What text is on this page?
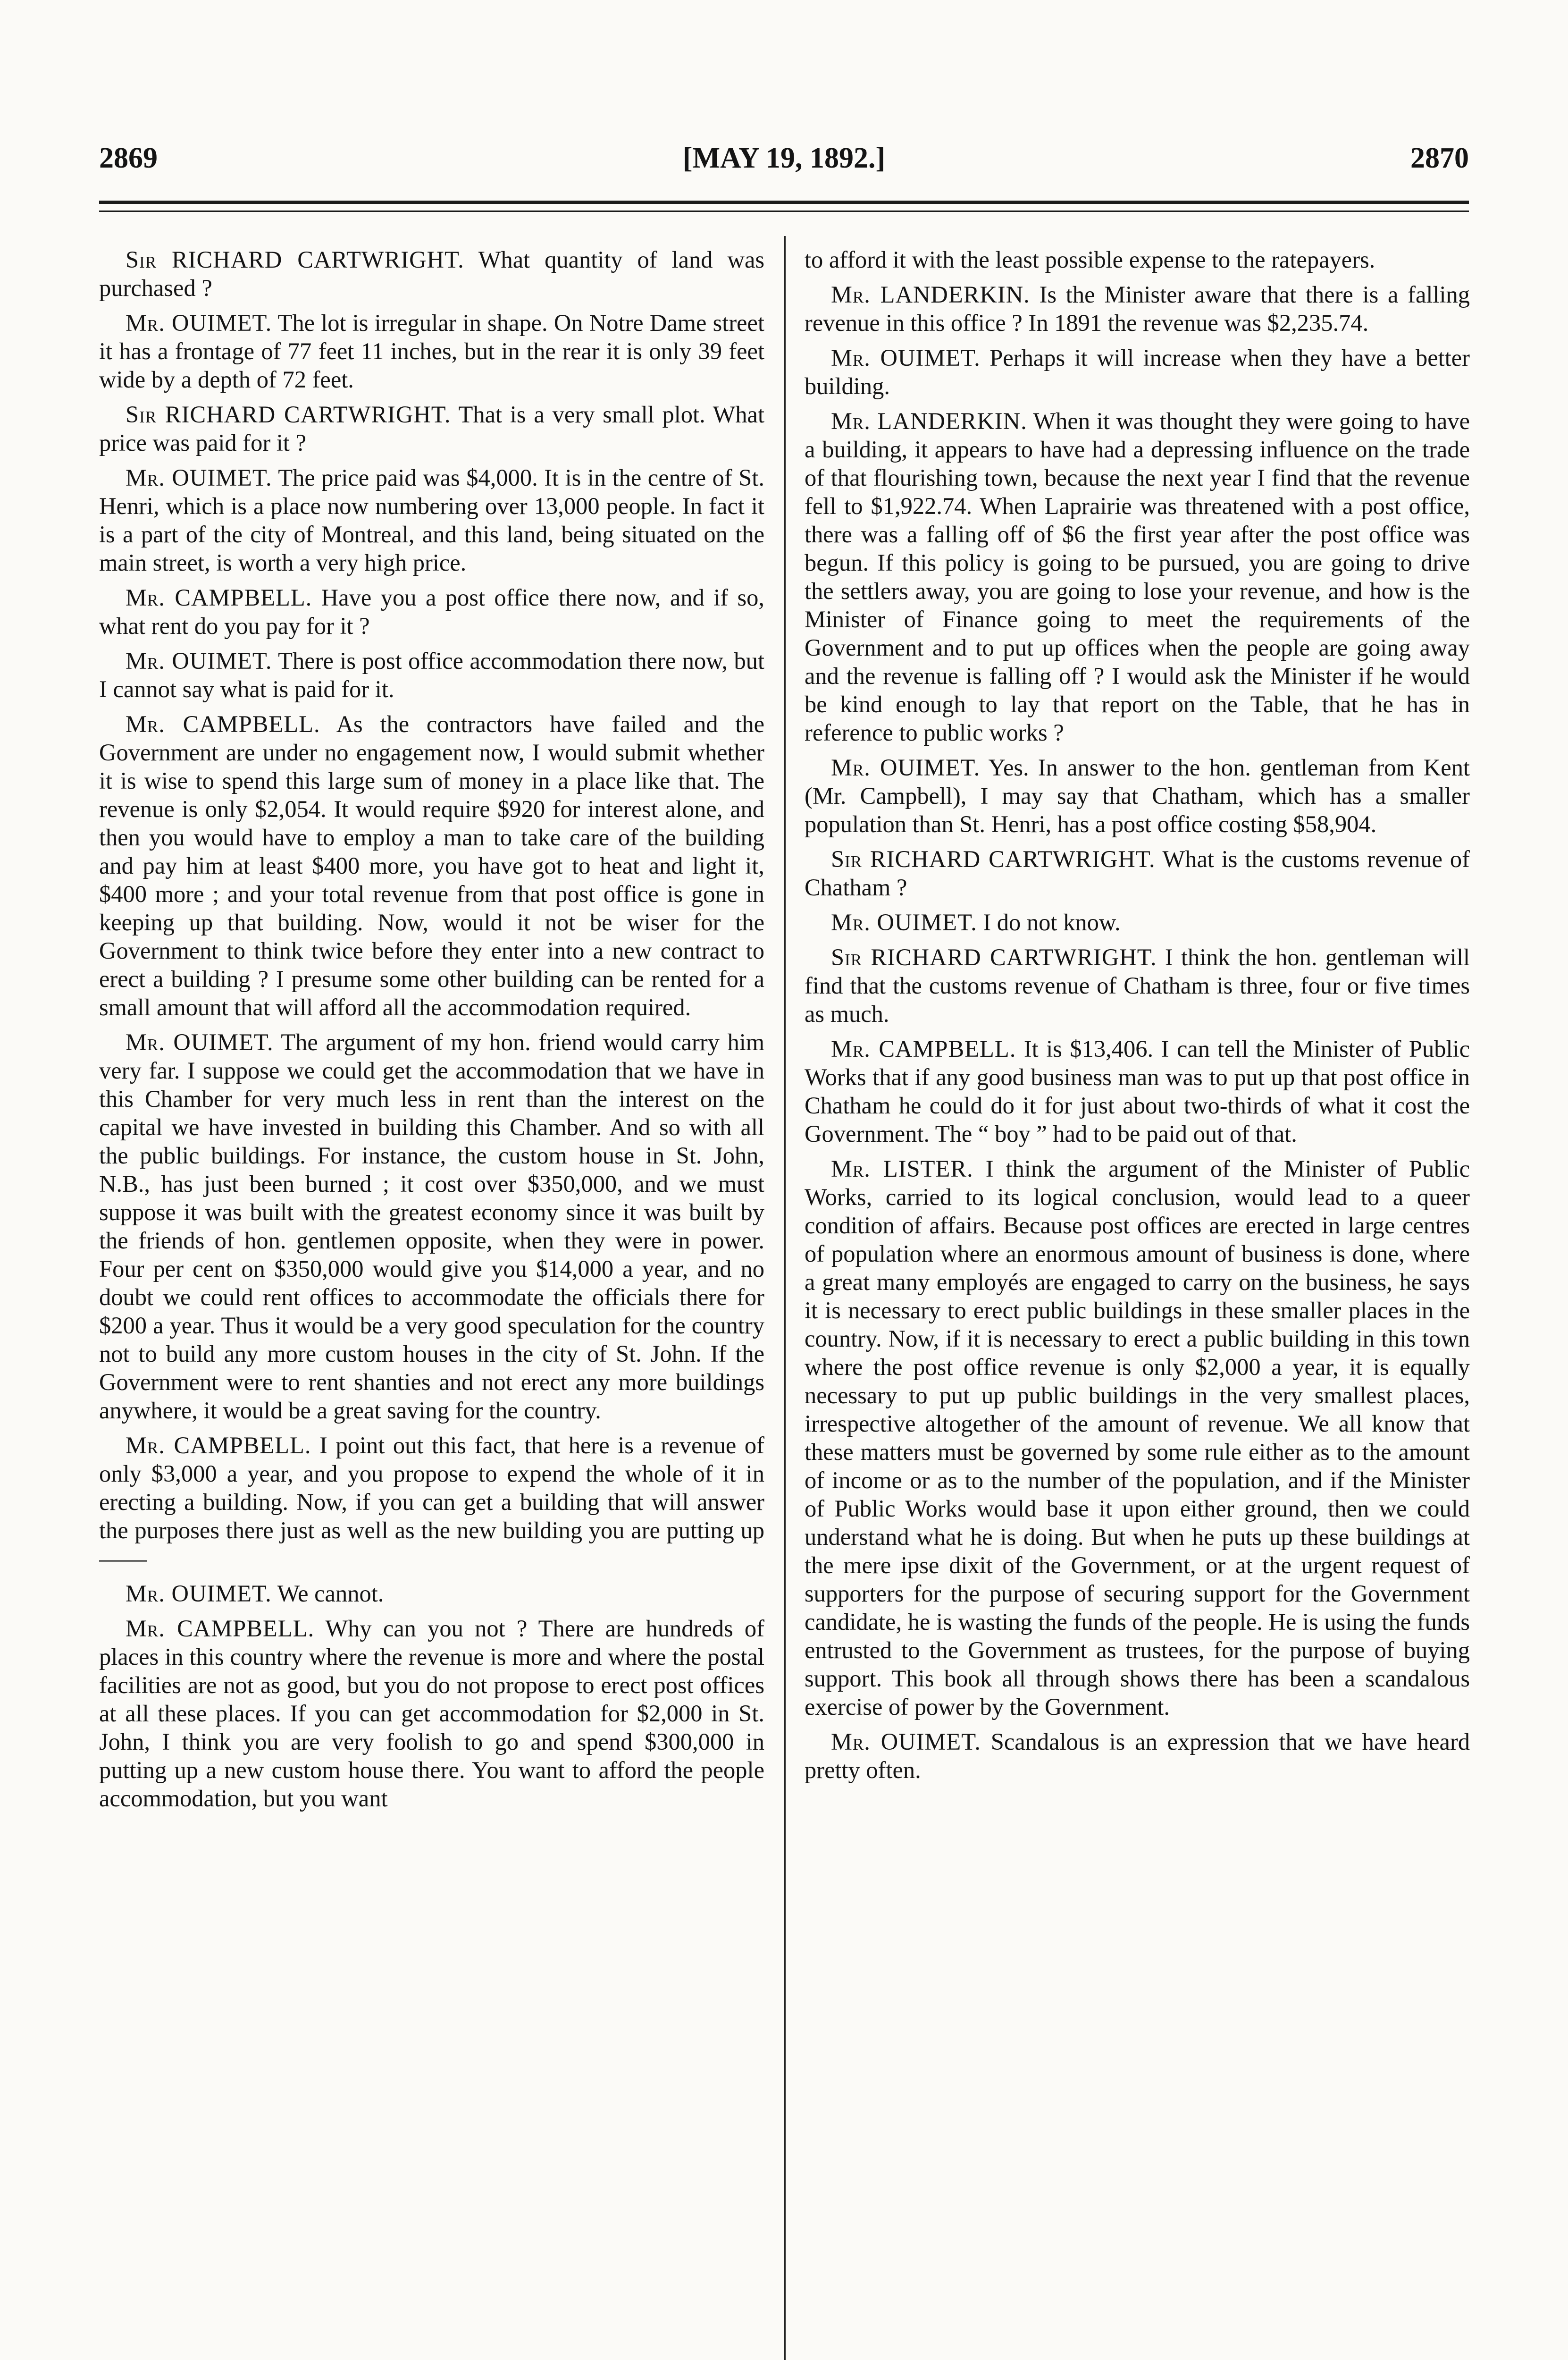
2869	[MAY 19, 1892.]	2870

Sir RICHARD CARTWRIGHT. What quantity of land was purchased ?

Mr. OUIMET. The lot is irregular in shape. On Notre Dame street it has a frontage of 77 feet 11 inches, but in the rear it is only 39 feet wide by a depth of 72 feet.

Sir RICHARD CARTWRIGHT. That is a very small plot. What price was paid for it ?

Mr. OUIMET. The price paid was $4,000. It is in the centre of St. Henri, which is a place now numbering over 13,000 people. In fact it is a part of the city of Montreal, and this land, being situated on the main street, is worth a very high price.

Mr. CAMPBELL. Have you a post office there now, and if so, what rent do you pay for it ?

Mr. OUIMET. There is post office accommodation there now, but I cannot say what is paid for it.

Mr. CAMPBELL. As the contractors have failed and the Government are under no engagement now, I would submit whether it is wise to spend this large sum of money in a place like that. The revenue is only $2,054. It would require $920 for interest alone, and then you would have to employ a man to take care of the building and pay him at least $400 more, you have got to heat and light it, $400 more ; and your total revenue from that post office is gone in keeping up that building. Now, would it not be wiser for the Government to think twice before they enter into a new contract to erect a building ? I presume some other building can be rented for a small amount that will afford all the accommodation required.

Mr. OUIMET. The argument of my hon. friend would carry him very far. I suppose we could get the accommodation that we have in this Chamber for very much less in rent than the interest on the capital we have invested in building this Chamber. And so with all the public buildings. For instance, the custom house in St. John, N.B., has just been burned ; it cost over $350,000, and we must suppose it was built with the greatest economy since it was built by the friends of hon. gentlemen opposite, when they were in power. Four per cent on $350,000 would give you $14,000 a year, and no doubt we could rent offices to accommodate the officials there for $200 a year. Thus it would be a very good speculation for the country not to build any more custom houses in the city of St. John. If the Government were to rent shanties and not erect any more buildings anywhere, it would be a great saving for the country.

Mr. CAMPBELL. I point out this fact, that here is a revenue of only $3,000 a year, and you propose to expend the whole of it in erecting a building. Now, if you can get a building that will answer the purposes there just as well as the new building you are putting up——

Mr. OUIMET. We cannot.

Mr. CAMPBELL. Why can you not ? There are hundreds of places in this country where the revenue is more and where the postal facilities are not as good, but you do not propose to erect post offices at all these places. If you can get accommodation for $2,000 in St. John, I think you are very foolish to go and spend $300,000 in putting up a new custom house there. You want to afford the people accommodation, but you want

to afford it with the least possible expense to the ratepayers.

Mr. LANDERKIN. Is the Minister aware that there is a falling revenue in this office ? In 1891 the revenue was $2,235.74.

Mr. OUIMET. Perhaps it will increase when they have a better building.

Mr. LANDERKIN. When it was thought they were going to have a building, it appears to have had a depressing influence on the trade of that flourishing town, because the next year I find that the revenue fell to $1,922.74. When Laprairie was threatened with a post office, there was a falling off of $6 the first year after the post office was begun. If this policy is going to be pursued, you are going to drive the settlers away, you are going to lose your revenue, and how is the Minister of Finance going to meet the requirements of the Government and to put up offices when the people are going away and the revenue is falling off ? I would ask the Minister if he would be kind enough to lay that report on the Table, that he has in reference to public works ?

Mr. OUIMET. Yes. In answer to the hon. gentleman from Kent (Mr. Campbell), I may say that Chatham, which has a smaller population than St. Henri, has a post office costing $58,904.

Sir RICHARD CARTWRIGHT. What is the customs revenue of Chatham ?

Mr. OUIMET. I do not know.

Sir RICHARD CARTWRIGHT. I think the hon. gentleman will find that the customs revenue of Chatham is three, four or five times as much.

Mr. CAMPBELL. It is $13,406. I can tell the Minister of Public Works that if any good business man was to put up that post office in Chatham he could do it for just about two-thirds of what it cost the Government. The “ boy ” had to be paid out of that.

Mr. LISTER. I think the argument of the Minister of Public Works, carried to its logical conclusion, would lead to a queer condition of affairs. Because post offices are erected in large centres of population where an enormous amount of business is done, where a great many employés are engaged to carry on the business, he says it is necessary to erect public buildings in these smaller places in the country. Now, if it is necessary to erect a public building in this town where the post office revenue is only $2,000 a year, it is equally necessary to put up public buildings in the very smallest places, irrespective altogether of the amount of revenue. We all know that these matters must be governed by some rule either as to the amount of income or as to the number of the population, and if the Minister of Public Works would base it upon either ground, then we could understand what he is doing. But when he puts up these buildings at the mere ipse dixit of the Government, or at the urgent request of supporters for the purpose of securing support for the Government candidate, he is wasting the funds of the people. He is using the funds entrusted to the Government as trustees, for the purpose of buying support. This book all through shows there has been a scandalous exercise of power by the Government.

Mr. OUIMET. Scandalous is an expression that we have heard pretty often.
